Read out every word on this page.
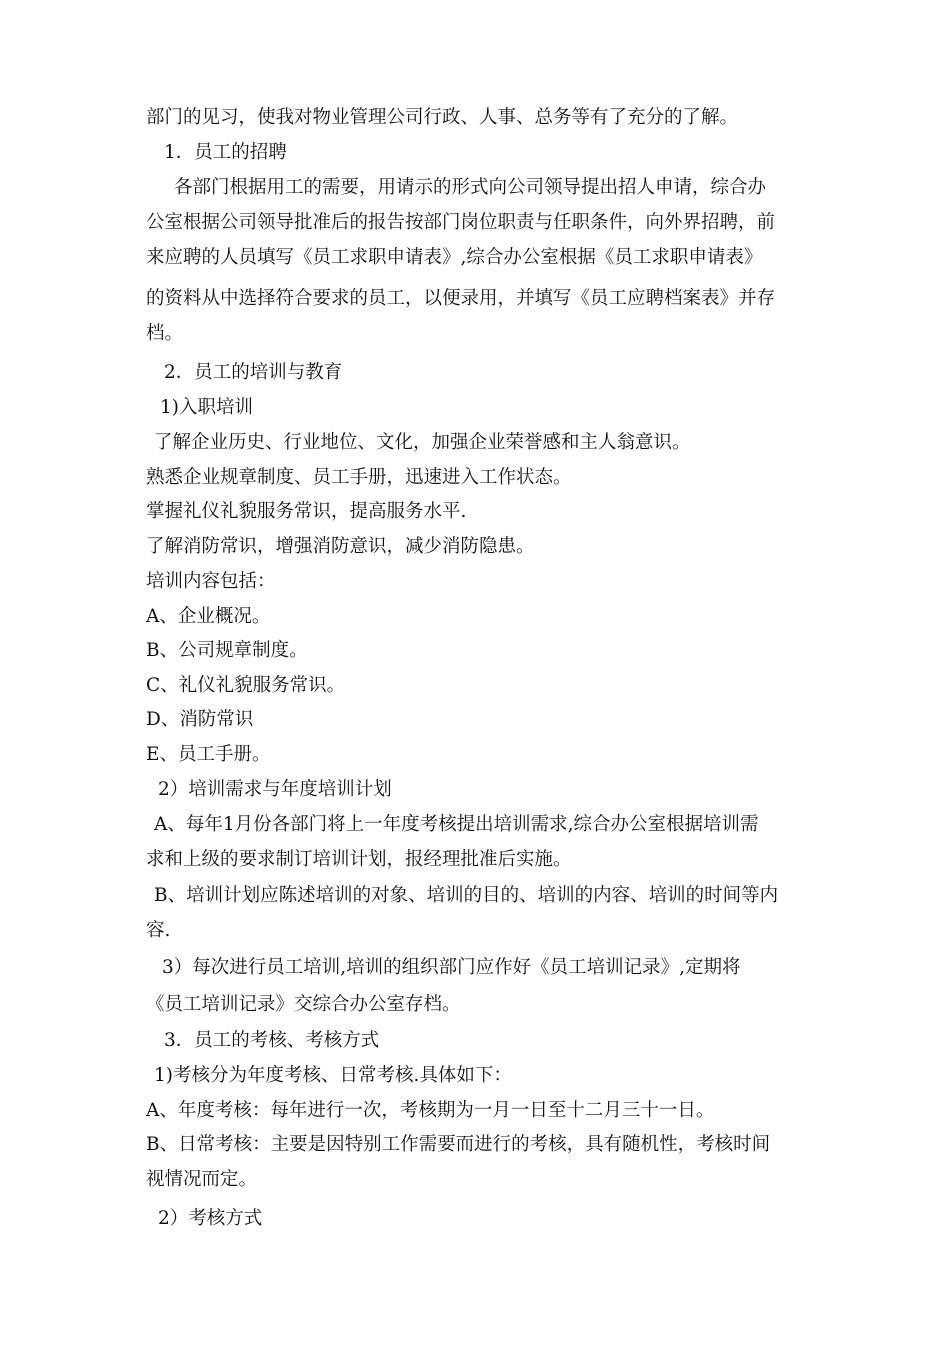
部门的见习，使我对物业管理公司行政、人事、总务等有了充分的了解。
1．员工的招聘
各部门根据用工的需要，用请示的形式向公司领导提出招人申请，综合办
公室根据公司领导批准后的报告按部门岗位职责与任职条件，向外界招聘，前
来应聘的人员填写《员工求职申请表》,综合办公室根据《员工求职申请表》
的资料从中选择符合要求的员工，以便录用，并填写《员工应聘档案表》并存
档。
2．员工的培训与教育
1)入职培训
了解企业历史、行业地位、文化，加强企业荣誉感和主人翁意识。
熟悉企业规章制度、员工手册，迅速进入工作状态。
掌握礼仪礼貌服务常识，提高服务水平.
了解消防常识，增强消防意识，减少消防隐患。
培训内容包括：
A、企业概况。
B、公司规章制度。
C、礼仪礼貌服务常识。
D、消防常识
E、员工手册。
2）培训需求与年度培训计划
A、每年1月份各部门将上一年度考核提出培训需求,综合办公室根据培训需
求和上级的要求制订培训计划，报经理批准后实施。
B、培训计划应陈述培训的对象、培训的目的、培训的内容、培训的时间等内
容.
3）每次进行员工培训,培训的组织部门应作好《员工培训记录》,定期将
《员工培训记录》交综合办公室存档。
3．员工的考核、考核方式
1)考核分为年度考核、日常考核.具体如下：
A、年度考核：每年进行一次，考核期为一月一日至十二月三十一日。
B、日常考核：主要是因特别工作需要而进行的考核，具有随机性，考核时间
视情况而定。
2）考核方式
